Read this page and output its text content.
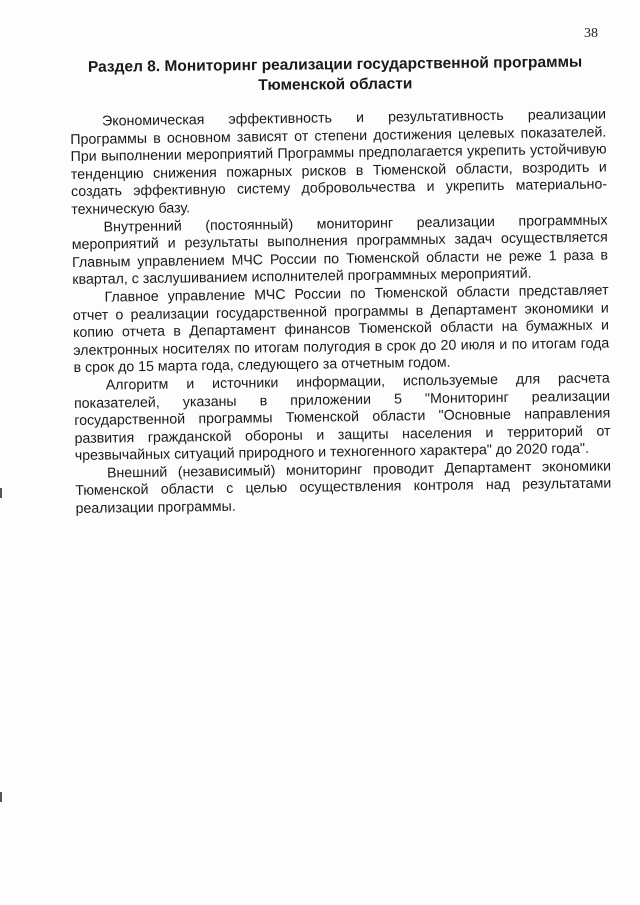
38
Раздел 8. Мониторинг реализации государственной программы Тюменской области

Экономическая эффективность и результативность реализации Программы в основном зависят от степени достижения целевых показателей. При выполнении мероприятий Программы предполагается укрепить устойчивую тенденцию снижения пожарных рисков в Тюменской области, возродить и создать эффективную систему добровольчества и укрепить материально-техническую базу.

Внутренний (постоянный) мониторинг реализации программных мероприятий и результаты выполнения программных задач осуществляется Главным управлением МЧС России по Тюменской области не реже 1 раза в квартал, с заслушиванием исполнителей программных мероприятий.

Главное управление МЧС России по Тюменской области представляет отчет о реализации государственной программы в Департамент экономики и копию отчета в Департамент финансов Тюменской области на бумажных и электронных носителях по итогам полугодия в срок до 20 июля и по итогам года в срок до 15 марта года, следующего за отчетным годом.

Алгоритм и источники информации, используемые для расчета показателей, указаны в приложении 5 "Мониторинг реализации государственной программы Тюменской области "Основные направления развития гражданской обороны и защиты населения и территорий от чрезвычайных ситуаций природного и техногенного характера" до 2020 года".

Внешний (независимый) мониторинг проводит Департамент экономики Тюменской области с целью осуществления контроля над результатами реализации программы.
